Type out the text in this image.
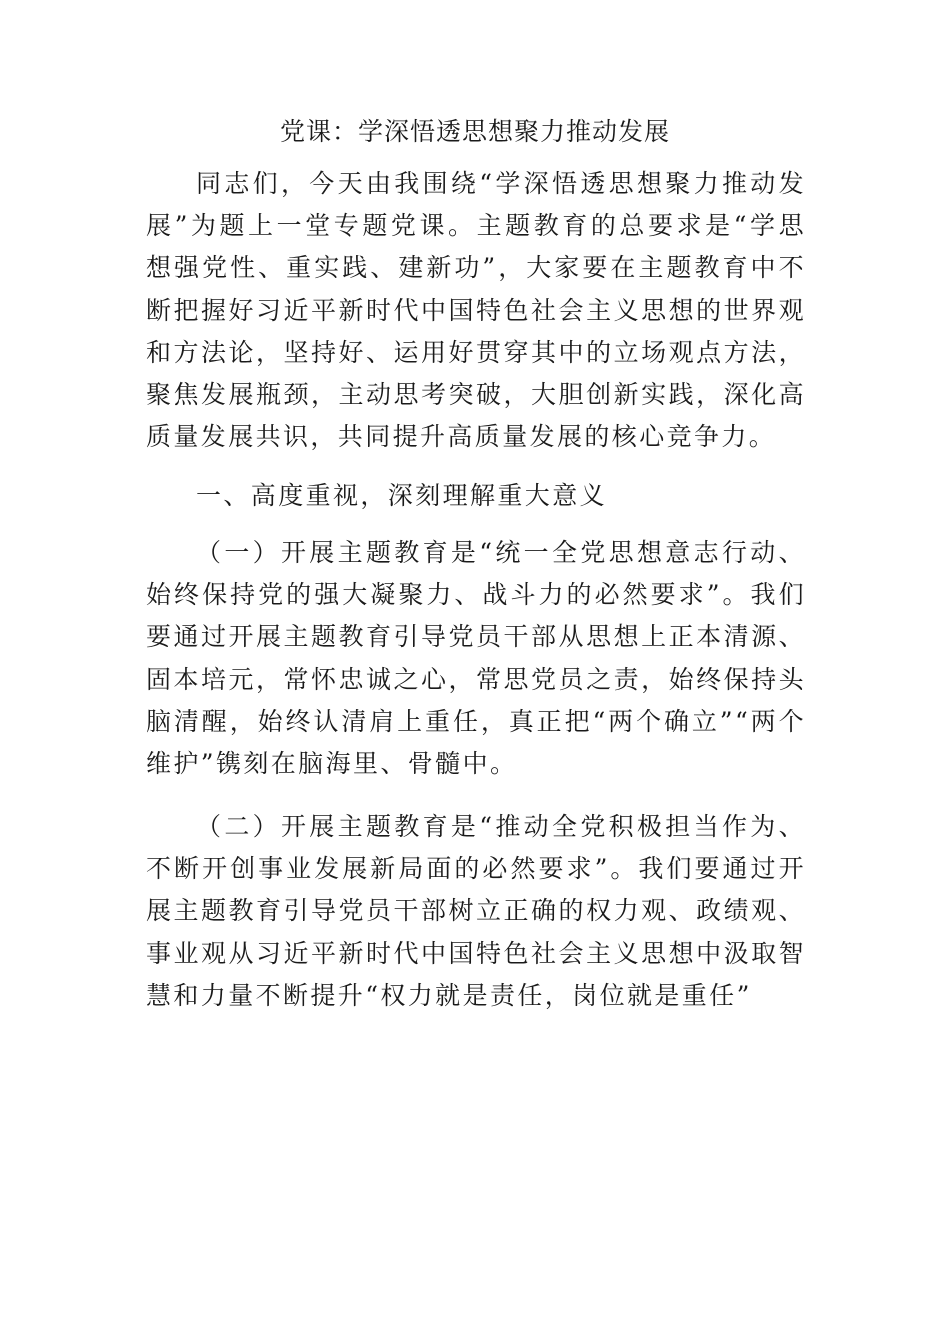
党课：学深悟透思想聚力推动发展

同志们，今天由我围绕“学深悟透思想聚力推动发展”为题上一堂专题党课。主题教育的总要求是“学思想强党性、重实践、建新功”，大家要在主题教育中不断把握好习近平新时代中国特色社会主义思想的世界观和方法论，坚持好、运用好贯穿其中的立场观点方法，聚焦发展瓶颈，主动思考突破，大胆创新实践，深化高质量发展共识，共同提升高质量发展的核心竞争力。

一、高度重视，深刻理解重大意义

（一）开展主题教育是“统一全党思想意志行动、始终保持党的强大凝聚力、战斗力的必然要求”。我们要通过开展主题教育引导党员干部从思想上正本清源、固本培元，常怀忠诚之心，常思党员之责，始终保持头脑清醒，始终认清肩上重任，真正把“两个确立”“两个维护”镌刻在脑海里、骨髓中。

（二）开展主题教育是“推动全党积极担当作为、不断开创事业发展新局面的必然要求”。我们要通过开展主题教育引导党员干部树立正确的权力观、政绩观、事业观从习近平新时代中国特色社会主义思想中汲取智慧和力量不断提升“权力就是责任，岗位就是重任”
